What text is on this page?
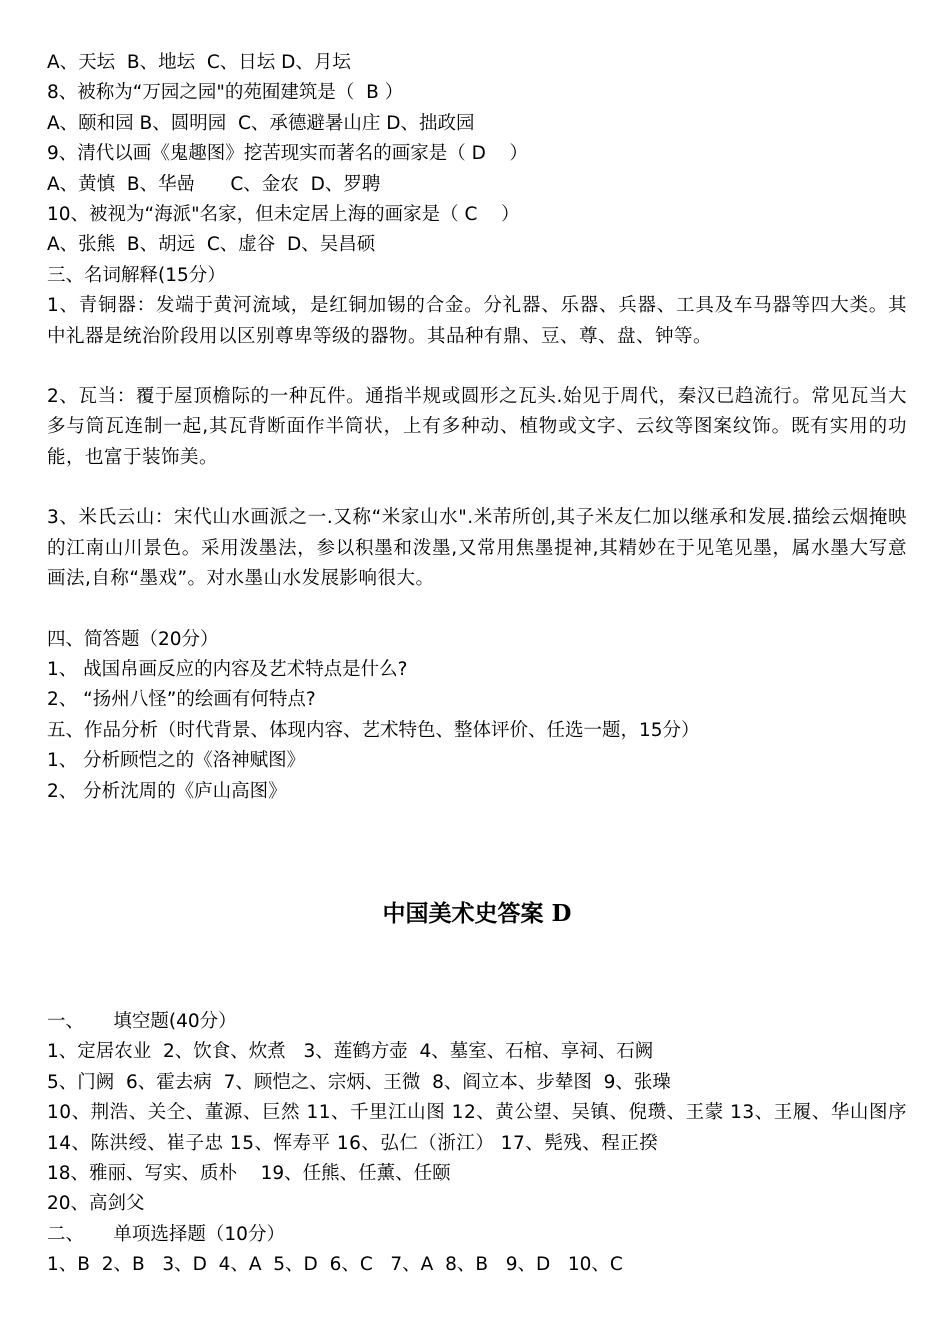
A、天坛  B、地坛  C、日坛 D、月坛

8、被称为“万园之园"的苑囿建筑是（  B ）

A、颐和园 B、圆明园  C、承德避暑山庄 D、拙政园

9、清代以画《鬼趣图》挖苦现实而著名的画家是（ D    ）

A、黄慎  B、华喦      C、金农  D、罗聘

10、被视为“海派"名家，但未定居上海的画家是（ C    ）

A、张熊  B、胡远  C、虚谷  D、吴昌硕

三、名词解释(15分）

1、青铜器：发端于黄河流域，是红铜加锡的合金。分礼器、乐器、兵器、工具及车马器等四大类。其中礼器是统治阶段用以区别尊卑等级的器物。其品种有鼎、豆、尊、盘、钟等。

2、瓦当：覆于屋顶檐际的一种瓦件。通指半规或圆形之瓦头.始见于周代，秦汉已趋流行。常见瓦当大多与筒瓦连制一起,其瓦背断面作半筒状，上有多种动、植物或文字、云纹等图案纹饰。既有实用的功能，也富于装饰美。

3、米氏云山：宋代山水画派之一.又称“米家山水".米芾所创,其子米友仁加以继承和发展.描绘云烟掩映的江南山川景色。采用泼墨法，参以积墨和泼墨,又常用焦墨提神,其精妙在于见笔见墨，属水墨大写意画法,自称“墨戏”。对水墨山水发展影响很大。

四、简答题（20分）

1、 战国帛画反应的内容及艺术特点是什么?

2、 “扬州八怪”的绘画有何特点?

五、作品分析（时代背景、体现内容、艺术特色、整体评价、任选一题，15分）

1、 分析顾恺之的《洛神赋图》

2、 分析沈周的《庐山高图》

中国美术史答案 D

一、     填空题(40分）

1、定居农业  2、饮食、炊煮   3、莲鹤方壶  4、墓室、石棺、享祠、石阙

5、门阙  6、霍去病  7、顾恺之、宗炳、王微  8、阎立本、步辇图  9、张璪

10、荆浩、关仝、董源、巨然 11、千里江山图 12、黄公望、吴镇、倪瓒、王蒙 13、王履、华山图序 14、陈洪绶、崔子忠 15、恽寿平 16、弘仁（浙江） 17、髡残、程正揆

18、雅丽、写实、质朴    19、任熊、任薰、任颐

20、高剑父

二、     单项选择题（10分）

1、B  2、B   3、D  4、A  5、D  6、C   7、A  8、B   9、D   10、C
